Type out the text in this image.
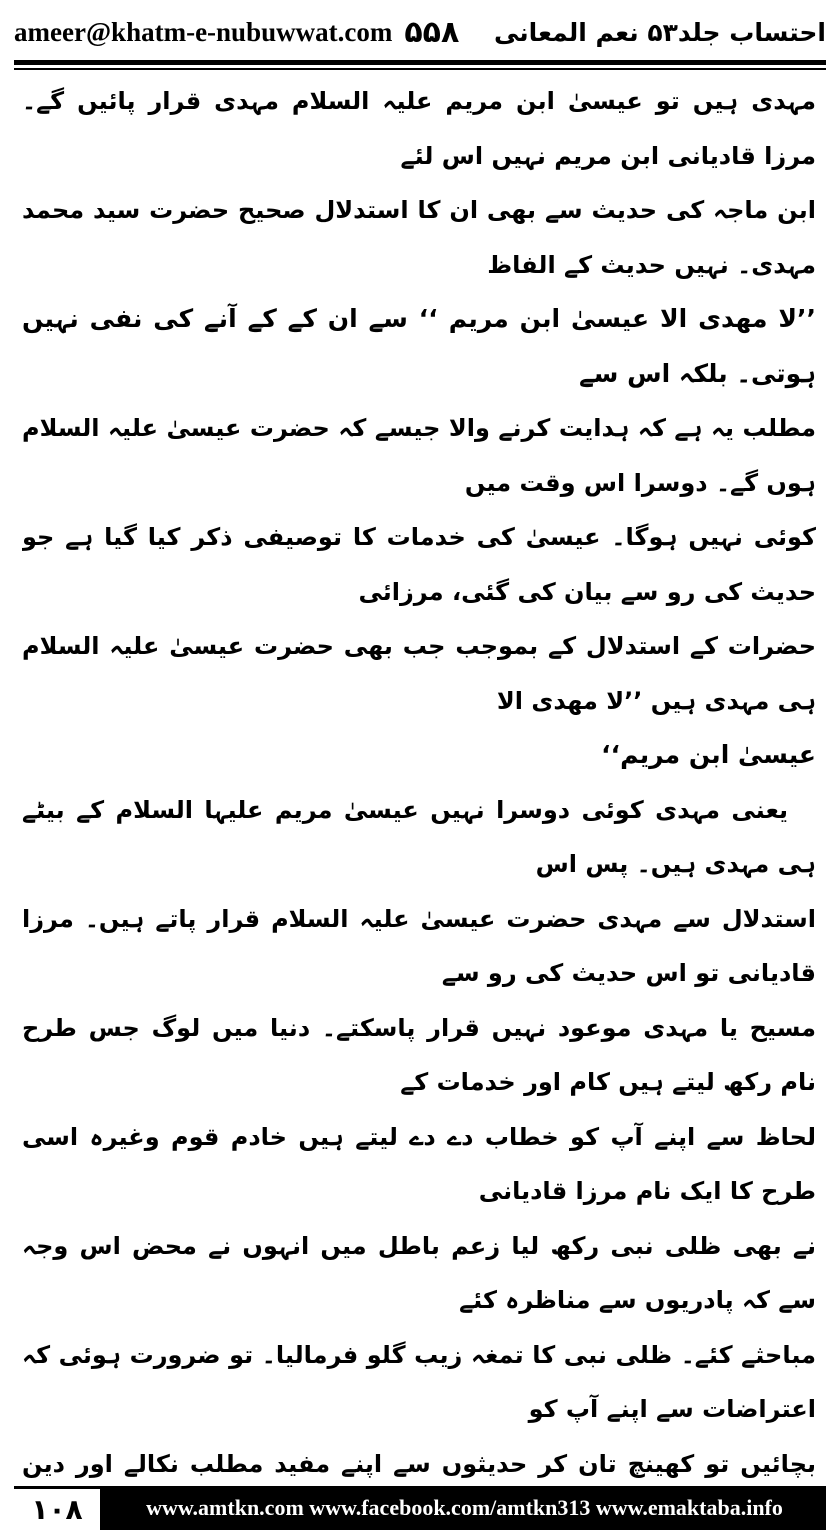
ameer@khatm-e-nubuwwat.com ۵۵۸ احتساب جلد۵۳ نعم المعانی

مہدی ہیں تو عیسیٰ ابن مریم علیہ السلام مہدی قرار پائیں گے۔ مرزا قادیانی ابن مریم نہیں اس لئے

ابن ماجہ کی حدیث سے بھی ان کا استدلال صحیح حضرت سید محمد مہدی۔ نہیں حدیث کے الفاظ

’’لا مھدی الا عیسیٰ ابن مریم ‘‘ سے ان کے کے آنے کی نفی نہیں ہوتی۔ بلکہ اس سے

مطلب یہ ہے کہ ہدایت کرنے والا جیسے کہ حضرت عیسیٰ علیہ السلام ہوں گے۔ دوسرا اس وقت میں

کوئی نہیں ہوگا۔ عیسیٰ کی خدمات کا توصیفی ذکر کیا گیا ہے جو حدیث کی رو سے بیان کی گئی، مرزائی

حضرات کے استدلال کے بموجب جب بھی حضرت عیسیٰ علیہ السلام ہی مہدی ہیں ’’لا مھدی الا

عیسیٰ ابن مریم‘‘

یعنی مہدی کوئی دوسرا نہیں عیسیٰ مریم علیہا السلام کے بیٹے ہی مہدی ہیں۔ پس اس

استدلال سے مہدی حضرت عیسیٰ علیہ السلام قرار پاتے ہیں۔ مرزا قادیانی تو اس حدیث کی رو سے

مسیح یا مہدی موعود نہیں قرار پاسکتے۔ دنیا میں لوگ جس طرح نام رکھ لیتے ہیں کام اور خدمات کے

لحاظ سے اپنے آپ کو خطاب دے دے لیتے ہیں خادم قوم وغیرہ اسی طرح کا ایک نام مرزا قادیانی

نے بھی ظلی نبی رکھ لیا زعم باطل میں انہوں نے محض اس وجہ سے کہ پادریوں سے مناظرہ کئے

مباحثے کئے۔ ظلی نبی کا تمغہ زیب گلو فرمالیا۔ تو ضرورت ہوئی کہ اعتراضات سے اپنے آپ کو

بچائیں تو کھینچ تان کر حدیثوں سے اپنے مفید مطلب نکالے اور دین

۱۰۸	www.amtkn.com www.facebook.com/amtkn313 www.emaktaba.info
